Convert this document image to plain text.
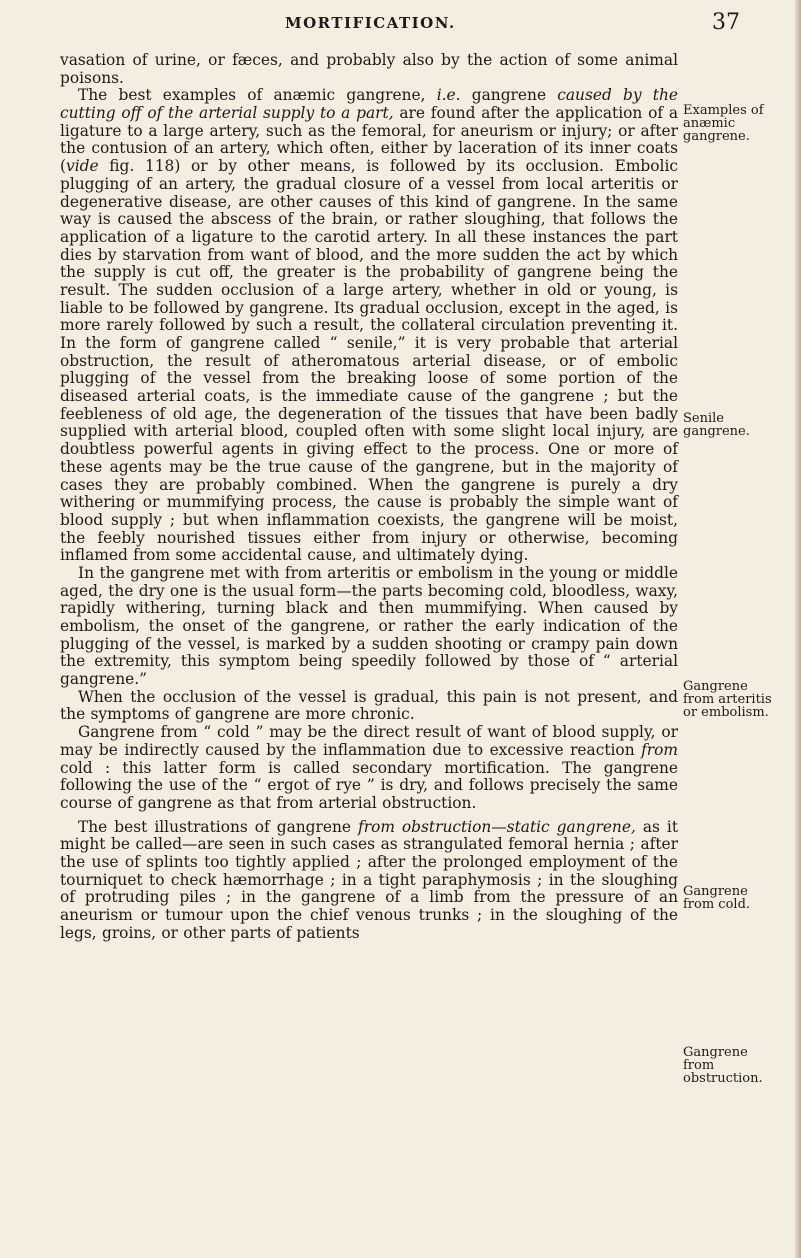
MORTIFICATION.	37

vasation of urine, or fæces, and probably also by the action of some animal poisons.

The best examples of anæmic gangrene, i.e. gangrene caused by the cutting off of the arterial supply to a part, are found after the application of a ligature to a large artery, such as the femoral, for aneurism or injury; or after the contusion of an artery, which often, either by laceration of its inner coats (vide fig. 118) or by other means, is followed by its occlusion. Embolic plugging of an artery, the gradual closure of a vessel from local arteritis or degenerative disease, are other causes of this kind of gangrene. In the same way is caused the abscess of the brain, or rather sloughing, that follows the application of a ligature to the carotid artery. In all these instances the part dies by starvation from want of blood, and the more sudden the act by which the supply is cut off, the greater is the probability of gangrene being the result. The sudden occlusion of a large artery, whether in old or young, is liable to be followed by gangrene. Its gradual occlusion, except in the aged, is more rarely followed by such a result, the collateral circulation preventing it. In the form of gangrene called “ senile,” it is very probable that arterial obstruction, the result of atheromatous arterial disease, or of embolic plugging of the vessel from the breaking loose of some portion of the diseased arterial coats, is the immediate cause of the gangrene ; but the feebleness of old age, the degeneration of the tissues that have been badly supplied with arterial blood, coupled often with some slight local injury, are doubtless powerful agents in giving effect to the process. One or more of these agents may be the true cause of the gangrene, but in the majority of cases they are probably combined. When the gangrene is purely a dry withering or mummifying process, the cause is probably the simple want of blood supply ; but when inflammation coexists, the gangrene will be moist, the feebly nourished tissues either from injury or otherwise, becoming inflamed from some accidental cause, and ultimately dying.

In the gangrene met with from arteritis or embolism in the young or middle aged, the dry one is the usual form—the parts becoming cold, bloodless, waxy, rapidly withering, turning black and then mummifying. When caused by embolism, the onset of the gangrene, or rather the early indication of the plugging of the vessel, is marked by a sudden shooting or crampy pain down the extremity, this symptom being speedily followed by those of “ arterial gangrene.”

When the occlusion of the vessel is gradual, this pain is not present, and the symptoms of gangrene are more chronic.

Gangrene from “ cold ” may be the direct result of want of blood supply, or may be indirectly caused by the inflammation due to excessive reaction from cold : this latter form is called secondary mortification. The gangrene following the use of the “ ergot of rye ” is dry, and follows precisely the same course of gangrene as that from arterial obstruction.

The best illustrations of gangrene from obstruction—static gangrene, as it might be called—are seen in such cases as strangulated femoral hernia ; after the use of splints too tightly applied ; after the prolonged employment of the tourniquet to check hæmorrhage ; in a tight paraphymosis ; in the sloughing of protruding piles ; in the gangrene of a limb from the pressure of an aneurism or tumour upon the chief venous trunks ; in the sloughing of the legs, groins, or other parts of patients

Examples of
anæmic
gangrene.
Senile
gangrene.
Gangrene
from arteritis
or embolism.
Gangrene
from cold.
Gangrene
from
obstruction.
